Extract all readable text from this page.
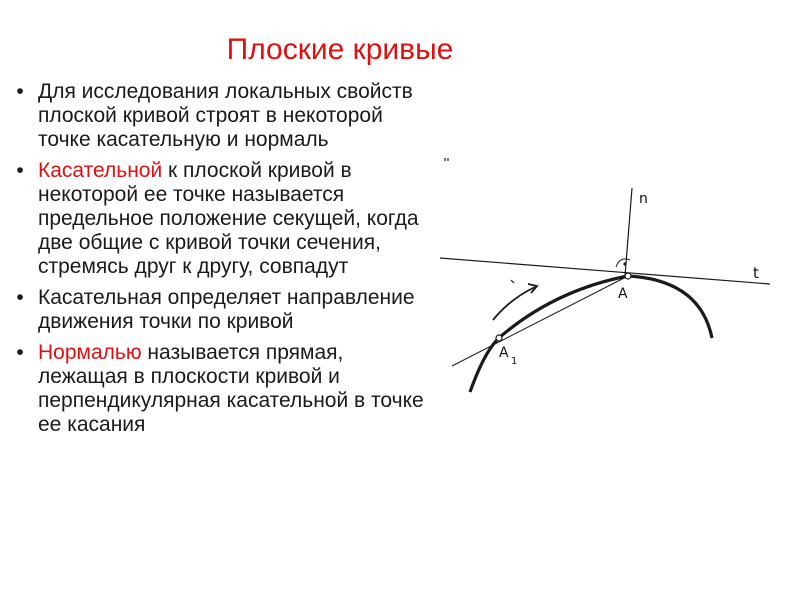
Плоские кривые
• Для исследования локальных свойств плоской кривой строят в некоторой точке касательную и нормаль
• Касательной к плоской кривой в некоторой ее точке называется предельное положение секущей, когда две общие с кривой точки сечения, стремясь друг к другу, совпадут
• Касательная определяет направление движения точки по кривой
• Нормалью называется прямая, лежащая в плоскости кривой и перпендикулярная касательной в точке ее касания
n
t
A
A
1
